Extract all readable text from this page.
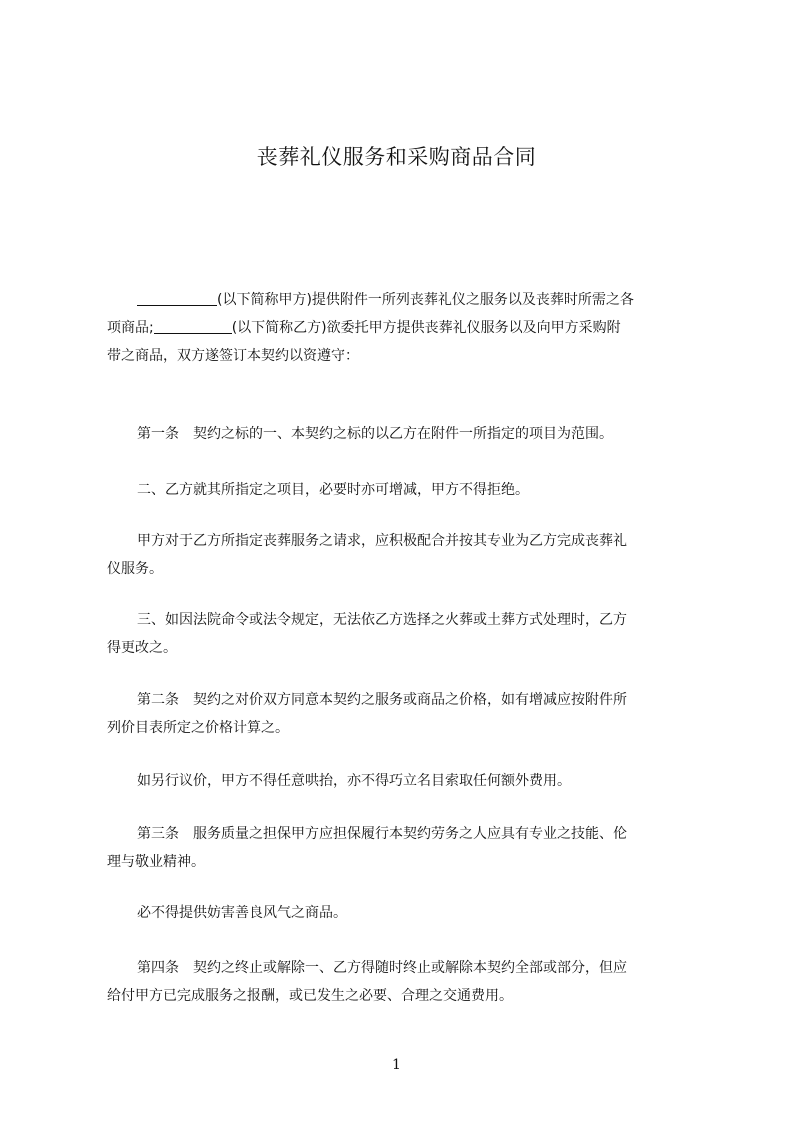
丧葬礼仪服务和采购商品合同
(以下简称甲方)提供附件一所列丧葬礼仪之服务以及丧葬时所需之各
项商品;	(以下简称乙方)欲委托甲方提供丧葬礼仪服务以及向甲方采购附
带之商品，双方遂签订本契约以资遵守：
第一条　契约之标的一、本契约之标的以乙方在附件一所指定的项目为范围。
二、乙方就其所指定之项目，必要时亦可增减，甲方不得拒绝。
甲方对于乙方所指定丧葬服务之请求，应积极配合并按其专业为乙方完成丧葬礼
仪服务。
三、如因法院命令或法令规定，无法依乙方选择之火葬或土葬方式处理时，乙方
得更改之。
第二条　契约之对价双方同意本契约之服务或商品之价格，如有增减应按附件所
列价目表所定之价格计算之。
如另行议价，甲方不得任意哄抬，亦不得巧立名目索取任何额外费用。
第三条　服务质量之担保甲方应担保履行本契约劳务之人应具有专业之技能、伦
理与敬业精神。
必不得提供妨害善良风气之商品。
第四条　契约之终止或解除一、乙方得随时终止或解除本契约全部或部分，但应
给付甲方已完成服务之报酬，或已发生之必要、合理之交通费用。
1
